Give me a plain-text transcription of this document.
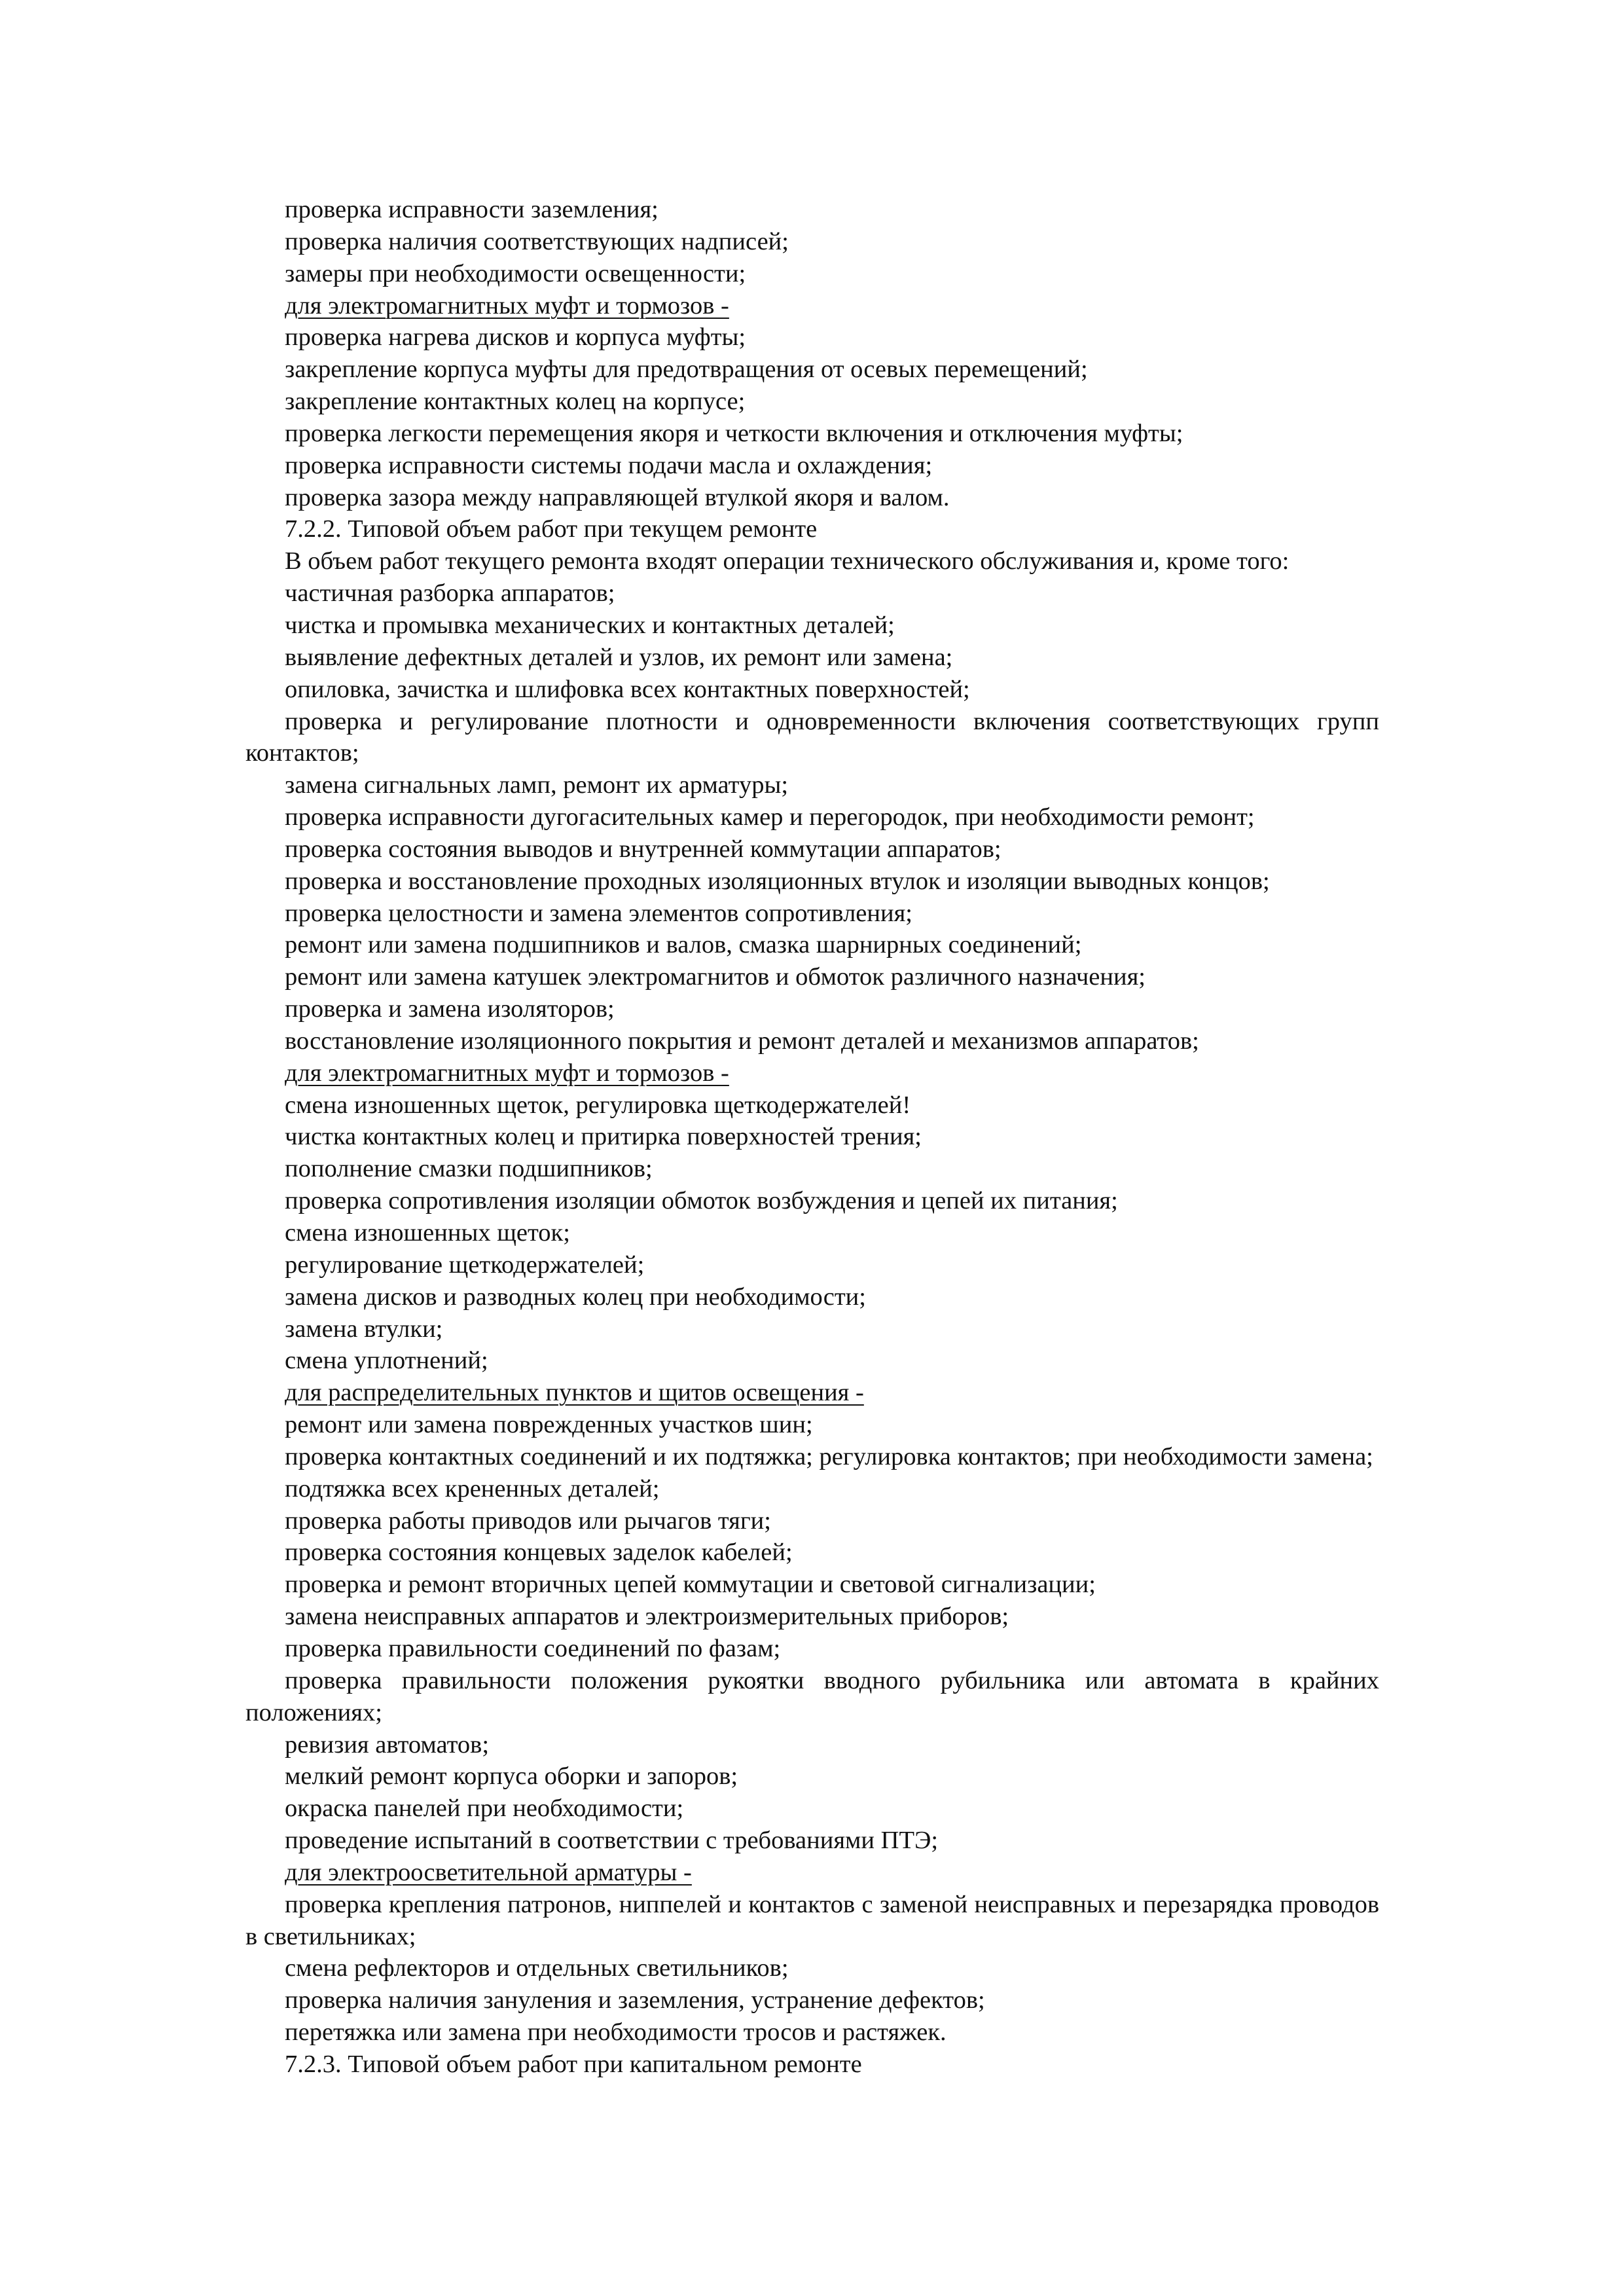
проверка исправности заземления;

проверка наличия соответствующих надписей;

замеры при необходимости освещенности;

для электромагнитных муфт и тормозов -

проверка нагрева дисков и корпуса муфты;

закрепление корпуса муфты для предотвращения от осевых перемещений;

закрепление контактных колец на корпусе;

проверка легкости перемещения якоря и четкости включения и отключения муфты;

проверка исправности системы подачи масла и охлаждения;

проверка зазора между направляющей втулкой якоря и валом.

7.2.2. Типовой объем работ при текущем ремонте

В объем работ текущего ремонта входят операции технического обслуживания и, кроме того:

частичная разборка аппаратов;

чистка и промывка механических и контактных деталей;

выявление дефектных деталей и узлов, их ремонт или замена;

опиловка, зачистка и шлифовка всех контактных поверхностей;

проверка и регулирование плотности и одновременности включения соответствующих групп контактов;

замена сигнальных ламп, ремонт их арматуры;

проверка исправности дугогасительных камер и перегородок, при необходимости ремонт;

проверка состояния выводов и внутренней коммутации аппаратов;

проверка и восстановление проходных изоляционных втулок и изоляции выводных концов;

проверка целостности и замена элементов сопротивления;

ремонт или замена подшипников и валов, смазка шарнирных соединений;

ремонт или замена катушек электромагнитов и обмоток различного назначения;

проверка и замена изоляторов;

восстановление изоляционного покрытия и ремонт деталей и механизмов аппаратов;

для электромагнитных муфт и тормозов -

смена изношенных щеток, регулировка щеткодержателей!

чистка контактных колец и притирка поверхностей трения;

пополнение смазки подшипников;

проверка сопротивления изоляции обмоток возбуждения и цепей их питания;

смена изношенных щеток;

регулирование щеткодержателей;

замена дисков и разводных колец при необходимости;

замена втулки;

смена уплотнений;

для распределительных пунктов и щитов освещения -

ремонт или замена поврежденных участков шин;

проверка контактных соединений и их подтяжка; регулировка контактов; при необходимости замена;

подтяжка всех крененных деталей;

проверка работы приводов или рычагов тяги;

проверка состояния концевых заделок кабелей;

проверка и ремонт вторичных цепей коммутации и световой сигнализации;

замена неисправных аппаратов и электроизмерительных приборов;

проверка правильности соединений по фазам;

проверка правильности положения рукоятки вводного рубильника или автомата в крайних положениях;

ревизия автоматов;

мелкий ремонт корпуса оборки и запоров;

окраска панелей при необходимости;

проведение испытаний в соответствии с требованиями ПТЭ;

для электроосветительной арматуры -

проверка крепления патронов, ниппелей и контактов с заменой неисправных и перезарядка проводов в светильниках;

смена рефлекторов и отдельных светильников;

проверка наличия зануления и заземления, устранение дефектов;

перетяжка или замена при необходимости тросов и растяжек.

7.2.3. Типовой объем работ при капитальном ремонте
